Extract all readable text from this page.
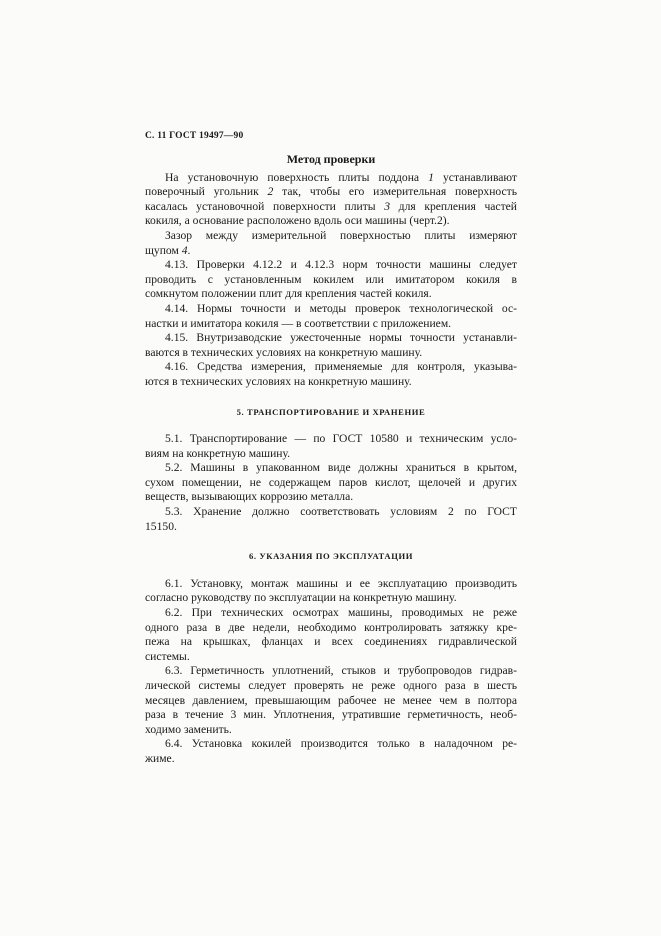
С. 11 ГОСТ 19497—90
Метод проверки
На установочную поверхность плиты поддона 1 устанавливают
поверочный угольник 2 так, чтобы его измерительная поверхность
касалась установочной поверхности плиты 3 для крепления частей
кокиля, а основание расположено вдоль оси машины (черт.2).
Зазор между измерительной поверхностью плиты измеряют
щупом 4.
4.13. Проверки 4.12.2 и 4.12.3 норм точности машины следует
проводить с установленным кокилем или имитатором кокиля в
сомкнутом положении плит для крепления частей кокиля.
4.14. Нормы точности и методы проверок технологической ос-
настки и имитатора кокиля — в соответствии с приложением.
4.15. Внутризаводские ужесточенные нормы точности устанавли-
ваются в технических условиях на конкретную машину.
4.16. Средства измерения, применяемые для контроля, указыва-
ются в технических условиях на конкретную машину.
5. ТРАНСПОРТИРОВАНИЕ И ХРАНЕНИЕ
5.1. Транспортирование — по ГОСТ 10580 и техническим усло-
виям на конкретную машину.
5.2. Машины в упакованном виде должны храниться в крытом,
сухом помещении, не содержащем паров кислот, щелочей и других
веществ, вызывающих коррозию металла.
5.3. Хранение должно соответствовать условиям 2 по ГОСТ
15150.
6. УКАЗАНИЯ ПО ЭКСПЛУАТАЦИИ
6.1. Установку, монтаж машины и ее эксплуатацию производить
согласно руководству по эксплуатации на конкретную машину.
6.2. При технических осмотрах машины, проводимых не реже
одного раза в две недели, необходимо контролировать затяжку кре-
пежа на крышках, фланцах и всех соединениях гидравлической
системы.
6.3. Герметичность уплотнений, стыков и трубопроводов гидрав-
лической системы следует проверять не реже одного раза в шесть
месяцев давлением, превышающим рабочее не менее чем в полтора
раза в течение 3 мин. Уплотнения, утратившие герметичность, необ-
ходимо заменить.
6.4. Установка кокилей производится только в наладочном ре-
жиме.
